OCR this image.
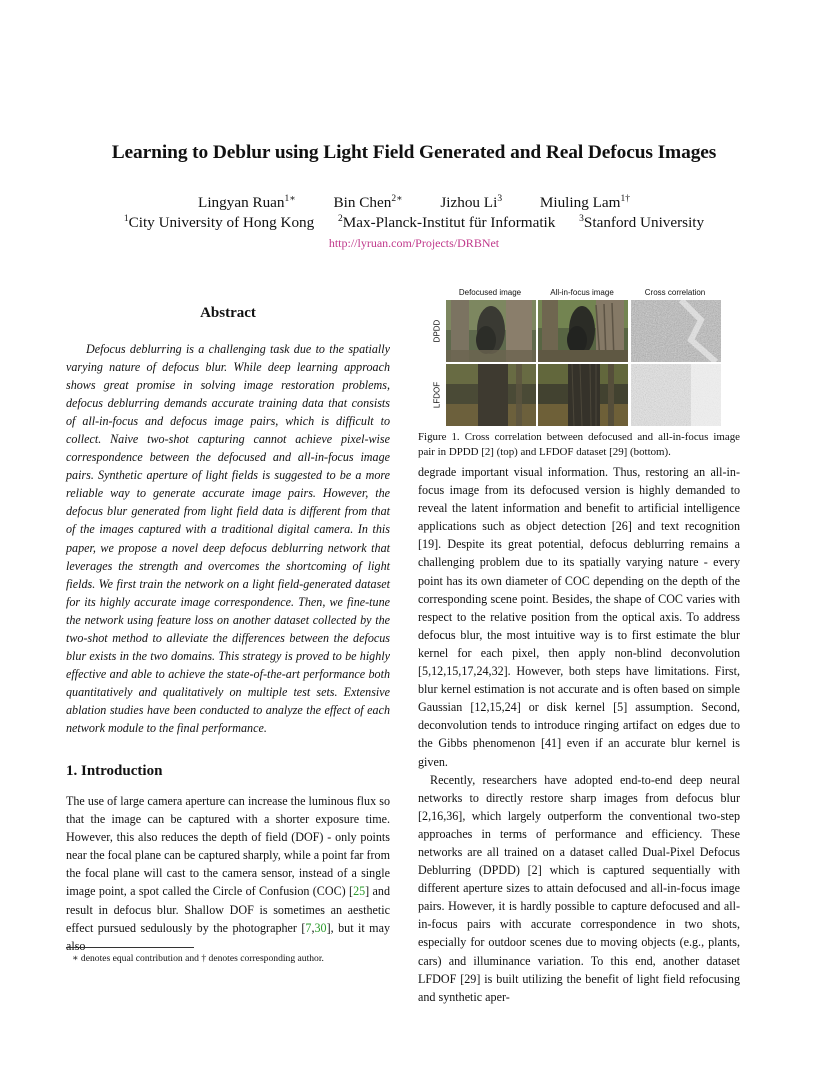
Learning to Deblur using Light Field Generated and Real Defocus Images
Lingyan Ruan$^{1∗}$ Bin Chen$^{2∗}$ Jizhou Li$^3$ Miuling Lam$^{1\dagger}$
$^1$City University of Hong Kong	$^2$Max-Planck-Institut für Informatik	$^3$Stanford University
http://lyruan.com/Projects/DRBNet
Abstract
Defocus deblurring is a challenging task due to the spatially varying nature of defocus blur. While deep learning approach shows great promise in solving image restoration problems, defocus deblurring demands accurate training data that consists of all-in-focus and defocus image pairs, which is difficult to collect. Naive two-shot capturing cannot achieve pixel-wise correspondence between the defocused and all-in-focus image pairs. Synthetic aperture of light fields is suggested to be a more reliable way to generate accurate image pairs. However, the defocus blur generated from light field data is different from that of the images captured with a traditional digital camera. In this paper, we propose a novel deep defocus deblurring network that leverages the strength and overcomes the shortcoming of light fields. We first train the network on a light field-generated dataset for its highly accurate image correspondence. Then, we fine-tune the network using feature loss on another dataset collected by the two-shot method to alleviate the differences between the defocus blur exists in the two domains. This strategy is proved to be highly effective and able to achieve the state-of-the-art performance both quantitatively and qualitatively on multiple test sets. Extensive ablation studies have been conducted to analyze the effect of each network module to the final performance.
1. Introduction
The use of large camera aperture can increase the luminous flux so that the image can be captured with a shorter exposure time. However, this also reduces the depth of field (DOF) - only points near the focal plane can be captured sharply, while a point far from the focal plane will cast to the camera sensor, instead of a single image point, a spot called the Circle of Confusion (COC) [25] and result in defocus blur. Shallow DOF is sometimes an aesthetic effect pursued sedulously by the photographer [7,30], but it may also
∗ denotes equal contribution and † denotes corresponding author.
Defocused image	All-in-focus image	Cross correlation
DPDD
LFDOF
Figure 1. Cross correlation between defocused and all-in-focus image pair in DPDD [2] (top) and LFDOF dataset [29] (bottom).

degrade important visual information. Thus, restoring an all-in-focus image from its defocused version is highly demanded to reveal the latent information and benefit to artificial intelligence applications such as object detection [26] and text recognition [19]. Despite its great potential, defocus deblurring remains a challenging problem due to its spatially varying nature - every point has its own diameter of COC depending on the depth of the corresponding scene point. Besides, the shape of COC varies with respect to the relative position from the optical axis. To address defocus blur, the most intuitive way is to first estimate the blur kernel for each pixel, then apply non-blind deconvolution [5,12,15,17,24,32]. However, both steps have limitations. First, blur kernel estimation is not accurate and is often based on simple Gaussian [12,15,24] or disk kernel [5] assumption. Second, deconvolution tends to introduce ringing artifact on edges due to the Gibbs phenomenon [41] even if an accurate blur kernel is given.

Recently, researchers have adopted end-to-end deep neural networks to directly restore sharp images from defocus blur [2,16,36], which largely outperform the conventional two-step approaches in terms of performance and efficiency. These networks are all trained on a dataset called Dual-Pixel Defocus Deblurring (DPDD) [2] which is captured sequentially with different aperture sizes to attain defocused and all-in-focus image pairs. However, it is hardly possible to capture defocused and all-in-focus pairs with accurate correspondence in two shots, especially for outdoor scenes due to moving objects (e.g., plants, cars) and illuminance variation. To this end, another dataset LFDOF [29] is built utilizing the benefit of light field refocusing and synthetic aper-
